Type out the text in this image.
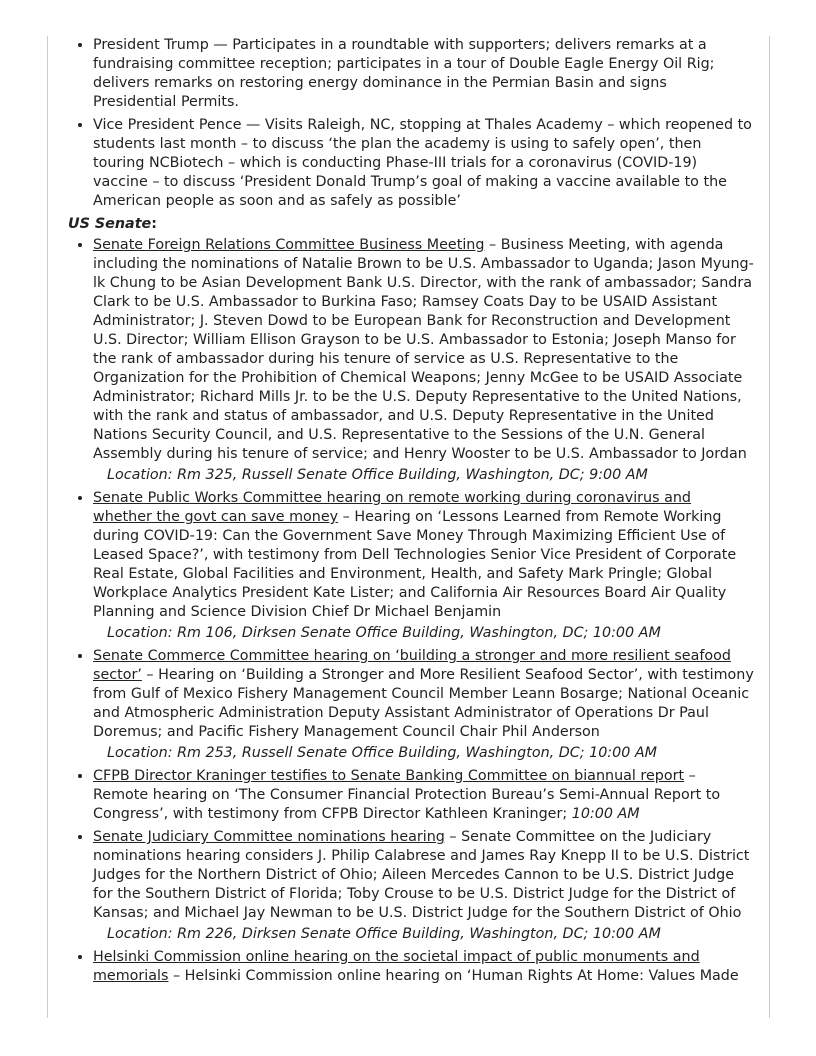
• President Trump — Participates in a roundtable with supporters; delivers remarks at a fundraising committee reception; participates in a tour of Double Eagle Energy Oil Rig; delivers remarks on restoring energy dominance in the Permian Basin and signs Presidential Permits.
• Vice President Pence — Visits Raleigh, NC, stopping at Thales Academy – which reopened to students last month – to discuss ‘the plan the academy is using to safely open’, then touring NCBiotech – which is conducting Phase-III trials for a coronavirus (COVID-19) vaccine – to discuss ‘President Donald Trump’s goal of making a vaccine available to the American people as soon and as safely as possible’
US Senate:
• Senate Foreign Relations Committee Business Meeting – Business Meeting, with agenda including the nominations of Natalie Brown to be U.S. Ambassador to Uganda; Jason Myung-lk Chung to be Asian Development Bank U.S. Director, with the rank of ambassador; Sandra Clark to be U.S. Ambassador to Burkina Faso; Ramsey Coats Day to be USAID Assistant Administrator; J. Steven Dowd to be European Bank for Reconstruction and Development U.S. Director; William Ellison Grayson to be U.S. Ambassador to Estonia; Joseph Manso for the rank of ambassador during his tenure of service as U.S. Representative to the Organization for the Prohibition of Chemical Weapons; Jenny McGee to be USAID Associate Administrator; Richard Mills Jr. to be the U.S. Deputy Representative to the United Nations, with the rank and status of ambassador, and U.S. Deputy Representative in the United Nations Security Council, and U.S. Representative to the Sessions of the U.N. General Assembly during his tenure of service; and Henry Wooster to be U.S. Ambassador to Jordan
Location: Rm 325, Russell Senate Office Building, Washington, DC; 9:00 AM
• Senate Public Works Committee hearing on remote working during coronavirus and whether the govt can save money – Hearing on ‘Lessons Learned from Remote Working during COVID-19: Can the Government Save Money Through Maximizing Efficient Use of Leased Space?’, with testimony from Dell Technologies Senior Vice President of Corporate Real Estate, Global Facilities and Environment, Health, and Safety Mark Pringle; Global Workplace Analytics President Kate Lister; and California Air Resources Board Air Quality Planning and Science Division Chief Dr Michael Benjamin
Location: Rm 106, Dirksen Senate Office Building, Washington, DC; 10:00 AM
• Senate Commerce Committee hearing on ‘building a stronger and more resilient seafood sector’ – Hearing on ‘Building a Stronger and More Resilient Seafood Sector’, with testimony from Gulf of Mexico Fishery Management Council Member Leann Bosarge; National Oceanic and Atmospheric Administration Deputy Assistant Administrator of Operations Dr Paul Doremus; and Pacific Fishery Management Council Chair Phil Anderson
Location: Rm 253, Russell Senate Office Building, Washington, DC; 10:00 AM
• CFPB Director Kraninger testifies to Senate Banking Committee on biannual report – Remote hearing on ‘The Consumer Financial Protection Bureau’s Semi-Annual Report to Congress’, with testimony from CFPB Director Kathleen Kraninger; 10:00 AM
• Senate Judiciary Committee nominations hearing – Senate Committee on the Judiciary nominations hearing considers J. Philip Calabrese and James Ray Knepp II to be U.S. District Judges for the Northern District of Ohio; Aileen Mercedes Cannon to be U.S. District Judge for the Southern District of Florida; Toby Crouse to be U.S. District Judge for the District of Kansas; and Michael Jay Newman to be U.S. District Judge for the Southern District of Ohio
Location: Rm 226, Dirksen Senate Office Building, Washington, DC; 10:00 AM
• Helsinki Commission online hearing on the societal impact of public monuments and memorials – Helsinki Commission online hearing on ‘Human Rights At Home: Values Made
